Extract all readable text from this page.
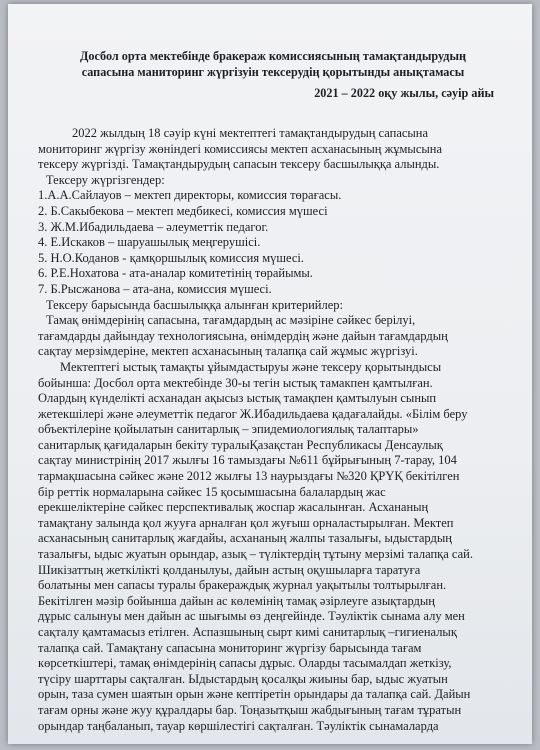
Досбол орта мектебінде бракераж комиссиясының тамақтандырудың
сапасына маниторинг жүргізуін тексерудің қорытынды анықтамасы

2021 – 2022 оқу жылы, сәуір айы

2022 жылдың 18 сәуір күні мектептегі тамақтандырудың сапасына

мониторинг жүргізу жөніндегі комиссиясы мектеп асханасының жұмысына

тексеру жүргізді. Тамақтандырудың сапасын тексеру басшылыққа алынды.

Тексеру жүргізгендер:

1.А.А.Сайлауов – мектеп директоры, комиссия төрағасы.

2. Б.Сакыбекова – мектеп медбикесі, комиссия мүшесі

3. Ж.М.Ибадильдаева – әлеуметтік педагог.

4. Е.Искаков – шаруашылық меңгерушісі.

5. Н.О.Коданов - қамқоршылық комиссия мүшесі.

6. Р.Е.Нохатова - ата-аналар комитетінің төрайымы.

7. Б.Рысжанова – ата-ана, комиссия мүшесі.

Тексеру барысында басшылыққа алынған критерийлер:

Тамақ өнімдерінің сапасына, тағамдардың ас мәзіріне сәйкес берілуі,

тағамдарды дайындау технологиясына, өнімдердің және дайын тағамдардың

сақтау мерзімдеріне, мектеп асханасының талапқа сай жұмыс жүргізуі.

Мектептегі ыстық тамақты ұйымдастыруы және тексеру қорытындысы

бойынша: Досбол орта мектебінде 30-ы тегін ыстық тамакпен қамтылған.

Олардың күнделікті асханадан ақысыз ыстық тамақпен қамтылуын сынып

жетекшілері және әлеуметтік педагог Ж.Ибадильдаева қадағалайды. «Білім беру

объектілеріне қойылатын санитарлық – эпидемиологиялық талаптары»

санитарлық қағидаларын бекіту туралыҚазақстан Республикасы Денсаулық

сақтау министрінің 2017 жылғы 16 тамыздағы №611 бұйрығының 7-тарау, 104

тармақшасына сәйкес және 2012 жылғы 13 наурыздағы №320 ҚРҮҚ бекітілген

бір реттік нормаларына сәйкес 15 қосымшасына балалардың жас

ерекшеліктеріне сәйкес перспективалық жоспар жасалынған. Асхананың

тамақтану залында қол жууға арналған қол жуғыш орналастырылған. Мектеп

асханасының санитарлық жағдайы, асхананың жалпы тазалығы, ыдыстардың

тазалығы, ыдыс жуатын орындар, азық – түліктердің тұтыну мерзімі талапқа сай.

Шикізаттың жеткілікті қолданылуы, дайын астың оқушыларға таратуға

болатыны мен сапасы туралы бракераждық журнал уақытылы толтырылған.

Бекітілген мәзір бойынша дайын ас көлемінің тамақ әзірлеуге азықтардың

дұрыс салынуы мен дайын ас шығымы өз деңгейінде. Тәуліктік сынама алу мен

сақталу қамтамасыз етілген. Аспазшының сырт кимі санитарлық –гигиеналық

талапқа сай. Тамақтану сапасына мониторинг жүргізу барысында тағам

көрсеткіштері, тамақ өнімдерінің сапасы дұрыс. Оларды тасымалдап жеткізу,

түсіру шарттары сақталған. Ыдыстардың қосалқы жиыны бар, ыдыс жуатын

орын, таза сумен шаятын орын және кептіретін орындары да талапқа сай. Дайын

тағам орны және жуу құралдары бар. Тоңазытқыш жабдығының тағам тұратын

орындар таңбаланып, тауар көршілестігі сақталған. Тәуліктік сынамаларда
